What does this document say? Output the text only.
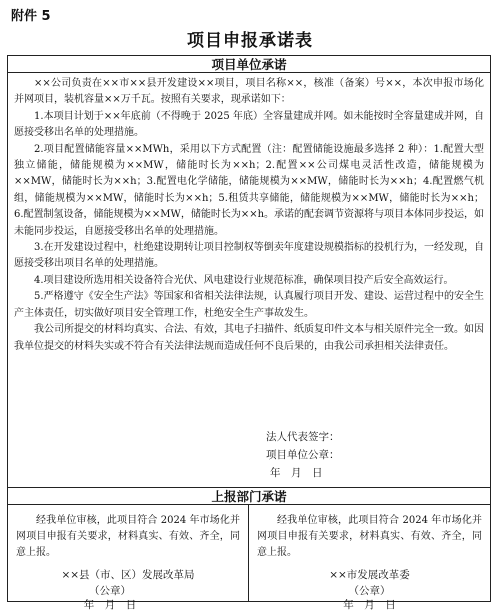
附件 5
项目申报承诺表
项目单位承诺

××公司负责在××市××县开发建设××项目，项目名称××，核准（备案）号××，本次申报市场化并网项目，装机容量××万千瓦。按照有关要求，现承诺如下：

1.本项目计划于××年底前（不得晚于 2025 年底）全容量建成并网。如未能按时全容量建成并网，自愿接受移出名单的处理措施。

2.项目配置储能容量××MWh，采用以下方式配置（注：配置储能设施最多选择 2 种）：1.配置大型独立储能，储能规模为××MW，储能时长为××h；2.配置××公司煤电灵活性改造，储能规模为××MW，储能时长为××h；3.配置电化学储能，储能规模为××MW，储能时长为××h；4.配置燃气机组，储能规模为××MW，储能时长为××h；5.租赁共享储能，储能规模为××MW，储能时长为××h；6.配置制氢设备，储能规模为××MW，储能时长为××h。承诺的配套调节资源将与项目本体同步投运，如未能同步投运，自愿接受移出名单的处理措施。

3.在开发建设过程中，杜绝建设期转让项目控制权等倒卖年度建设规模指标的投机行为，一经发现，自愿接受移出项目名单的处理措施。

4.项目建设所选用相关设备符合光伏、风电建设行业规范标准，确保项目投产后安全高效运行。

5.严格遵守《安全生产法》等国家和省相关法律法规，认真履行项目开发、建设、运营过程中的安全生产主体责任，切实做好项目安全管理工作，杜绝安全生产事故发生。

我公司所提交的材料均真实、合法、有效，其电子扫描件、纸质复印件文本与相关原件完全一致。如因我单位提交的材料失实或不符合有关法律法规而造成任何不良后果的，由我公司承担相关法律责任。

法人代表签字：
项目单位公章：
年　月　日
上报部门承诺
经我单位审核，此项目符合 2024 年市场化并网项目申报有关要求，材料真实、有效、齐全，同意上报。
××县（市、区）发展改革局
（公章）
年　月　日
经我单位审核，此项目符合 2024 年市场化并网项目申报有关要求，材料真实、有效、齐全，同意上报。
××市发展改革委
（公章）
年　月　日
